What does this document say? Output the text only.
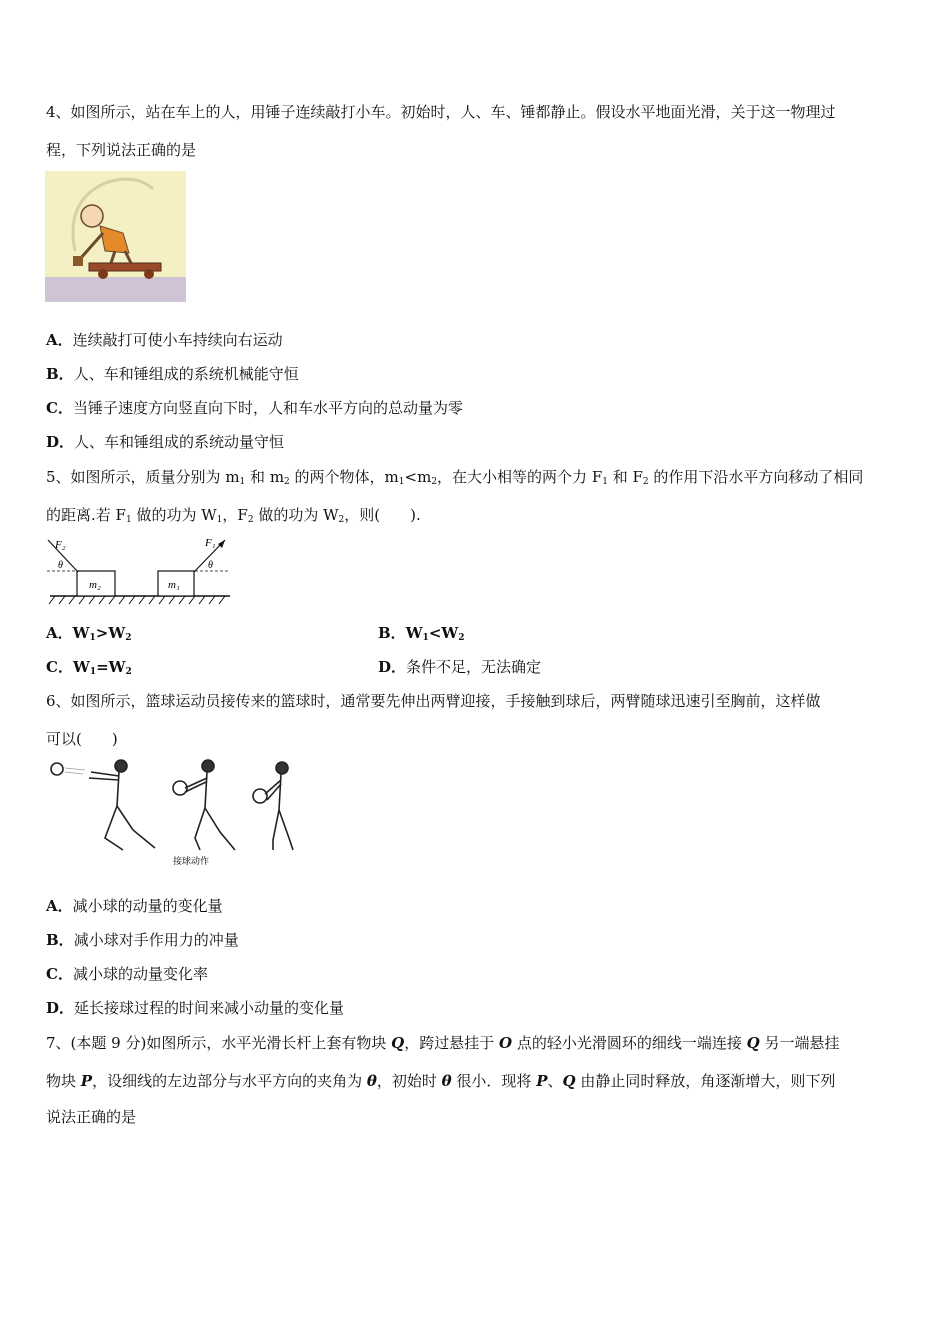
4、如图所示，站在车上的人，用锤子连续敲打小车。初始时，人、车、锤都静止。假设水平地面光滑，关于这一物理过
程，下列说法正确的是
A．连续敲打可使小车持续向右运动
B．人、车和锤组成的系统机械能守恒
C．当锤子速度方向竖直向下时，人和车水平方向的总动量为零
D．人、车和锤组成的系统动量守恒
5、如图所示，质量分别为 $m_1$ 和 $m_2$ 的两个物体，$m_1<m_2$，在大小相等的两个力 $F_1$ 和 $F_2$ 的作用下沿水平方向移动了相同
的距离.若 $F_1$ 做的功为 $W_1$，$F_2$ 做的功为 $W_2$，则(　　).
m₂	m₁
F₂
θ
F₁
θ
A．$W_1>W_2$	B．$W_1<W_2$
C．$W_1=W_2$	D．条件不足，无法确定
6、如图所示，篮球运动员接传来的篮球时，通常要先伸出两臂迎接，手接触到球后，两臂随球迅速引至胸前，这样做
可以(　　)
接球动作
A．减小球的动量的变化量
B．减小球对手作用力的冲量
C．减小球的动量变化率
D．延长接球过程的时间来减小动量的变化量
7、(本题 9 分)如图所示，水平光滑长杆上套有物块 Q，跨过悬挂于 O 点的轻小光滑圆环的细线一端连接 Q 另一端悬挂
物块 P，设细线的左边部分与水平方向的夹角为 θ，初始时 θ 很小．现将 P、Q 由静止同时释放，角逐渐增大，则下列
说法正确的是
